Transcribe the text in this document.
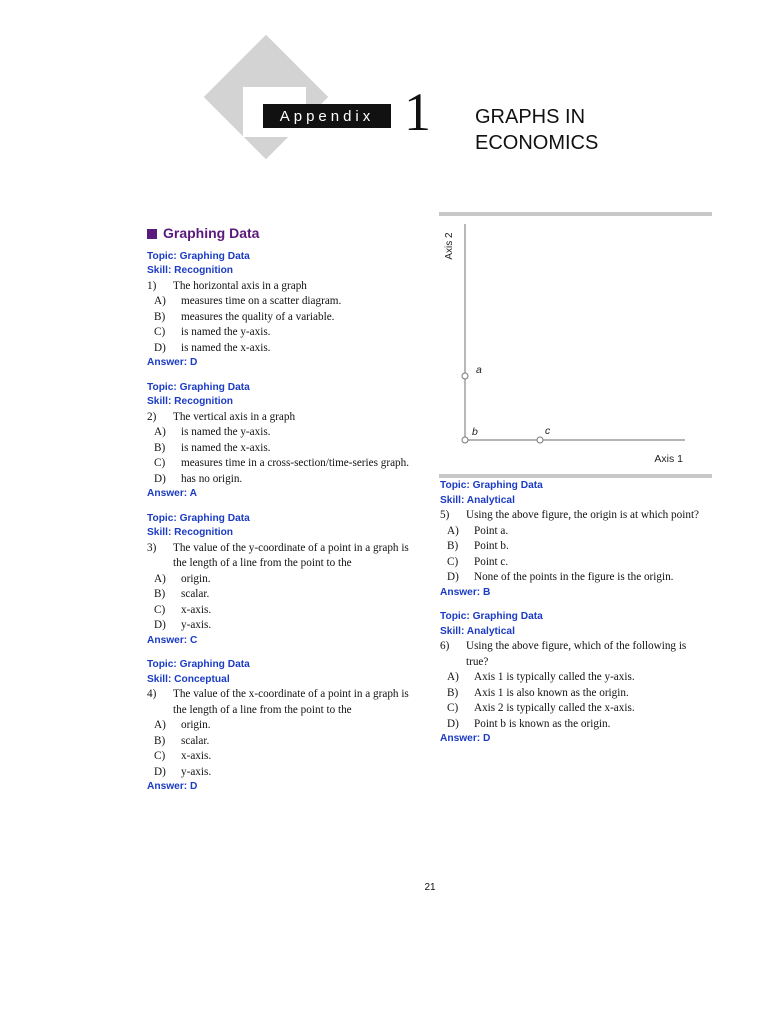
Appendix 1 GRAPHS IN
ECONOMICS
Graphing Data
Topic: Graphing Data
Skill: Recognition
1)	The horizontal axis in a graph
A)	measures time on a scatter diagram.
B)	measures the quality of a variable.
C)	is named the y-axis.
D)	is named the x-axis.
Answer: D
Topic: Graphing Data
Skill: Recognition
2)	The vertical axis in a graph
A)	is named the y-axis.
B)	is named the x-axis.
C)	measures time in a cross-section/time-series graph.
D)	has no origin.
Answer: A
Topic: Graphing Data
Skill: Recognition
3)	The value of the y-coordinate of a point in a graph is the length of a line from the point to the
A)	origin.
B)	scalar.
C)	x-axis.
D)	y-axis.
Answer: C
Topic: Graphing Data
Skill: Conceptual
4)	The value of the x-coordinate of a point in a graph is the length of a line from the point to the
A)	origin.
B)	scalar.
C)	x-axis.
D)	y-axis.
Answer: D
Axis 2
Axis 1
a
b	c
Topic: Graphing Data
Skill: Analytical
5)	Using the above figure, the origin is at which point?
A)	Point a.
B)	Point b.
C)	Point c.
D)	None of the points in the figure is the origin.
Answer: B
Topic: Graphing Data
Skill: Analytical
6)	Using the above figure, which of the following is true?
A)	Axis 1 is typically called the y-axis.
B)	Axis 1 is also known as the origin.
C)	Axis 2 is typically called the x-axis.
D)	Point b is known as the origin.
Answer: D
21
